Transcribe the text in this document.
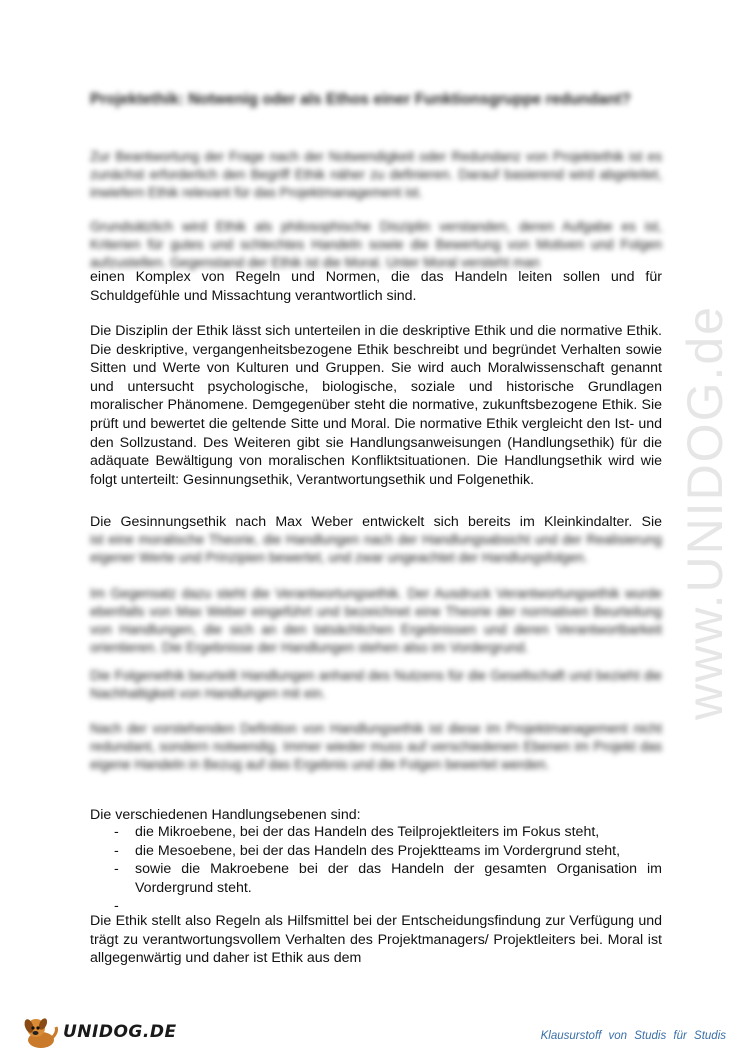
Projektethik: Notwenig oder als Ethos einer Funktionsgruppe redundant?

Zur Beantwortung der Frage nach der Notwendigkeit oder Redundanz von Projektethik ist es zunächst erforderlich den Begriff Ethik näher zu definieren. Darauf basierend wird abgeleitet, inwiefern Ethik relevant für das Projektmanagement ist.

Grundsätzlich wird Ethik als philosophische Disziplin verstanden, deren Aufgabe es ist, Kriterien für gutes und schlechtes Handeln sowie die Bewertung von Motiven und Folgen aufzustellen. Gegenstand der Ethik ist die Moral. Unter Moral versteht man

einen Komplex von Regeln und Normen, die das Handeln leiten sollen und für Schuldgefühle und Missachtung verantwortlich sind.

Die Disziplin der Ethik lässt sich unterteilen in die deskriptive Ethik und die normative Ethik. Die deskriptive, vergangenheitsbezogene Ethik beschreibt und begründet Verhalten sowie Sitten und Werte von Kulturen und Gruppen. Sie wird auch Moralwissenschaft genannt und untersucht psychologische, biologische, soziale und historische Grundlagen moralischer Phänomene. Demgegenüber steht die normative, zukunftsbezogene Ethik. Sie prüft und bewertet die geltende Sitte und Moral. Die normative Ethik vergleicht den Ist- und den Sollzustand. Des Weiteren gibt sie Handlungsanweisungen (Handlungsethik) für die adäquate Bewältigung von moralischen Konfliktsituationen. Die Handlungsethik wird wie folgt unterteilt: Gesinnungsethik, Verantwortungsethik und Folgenethik.

Die Gesinnungsethik nach Max Weber entwickelt sich bereits im Kleinkindalter. Sie

ist eine moralische Theorie, die Handlungen nach der Handlungsabsicht und der Realisierung eigener Werte und Prinzipien bewertet, und zwar ungeachtet der Handlungsfolgen.

Im Gegensatz dazu steht die Verantwortungsethik. Der Ausdruck Verantwortungsethik wurde ebenfalls von Max Weber eingeführt und bezeichnet eine Theorie der normativen Beurteilung von Handlungen, die sich an den tatsächlichen Ergebnissen und deren Verantwortbarkeit orientieren. Die Ergebnisse der Handlungen stehen also im Vordergrund.

Die Folgenethik beurteilt Handlungen anhand des Nutzens für die Gesellschaft und bezieht die Nachhaltigkeit von Handlungen mit ein.

Nach der vorstehenden Definition von Handlungsethik ist diese im Projektmanagement nicht redundant, sondern notwendig. Immer wieder muss auf verschiedenen Ebenen im Projekt das eigene Handeln in Bezug auf das Ergebnis und die Folgen bewertet werden.

Die verschiedenen Handlungsebenen sind:

- die Mikroebene, bei der das Handeln des Teilprojektleiters im Fokus steht,
- die Mesoebene, bei der das Handeln des Projektteams im Vordergrund steht,
- sowie die Makroebene bei der das Handeln der gesamten Organisation im Vordergrund steht.
-

Die Ethik stellt also Regeln als Hilfsmittel bei der Entscheidungsfindung zur Verfügung und trägt zu verantwortungsvollem Verhalten des Projektmanagers/ Projektleiters bei. Moral ist allgegenwärtig und daher ist Ethik aus dem

www.UNIDOG.de
UNIDOG.DE	Klausurstoff von Studis für Studis
